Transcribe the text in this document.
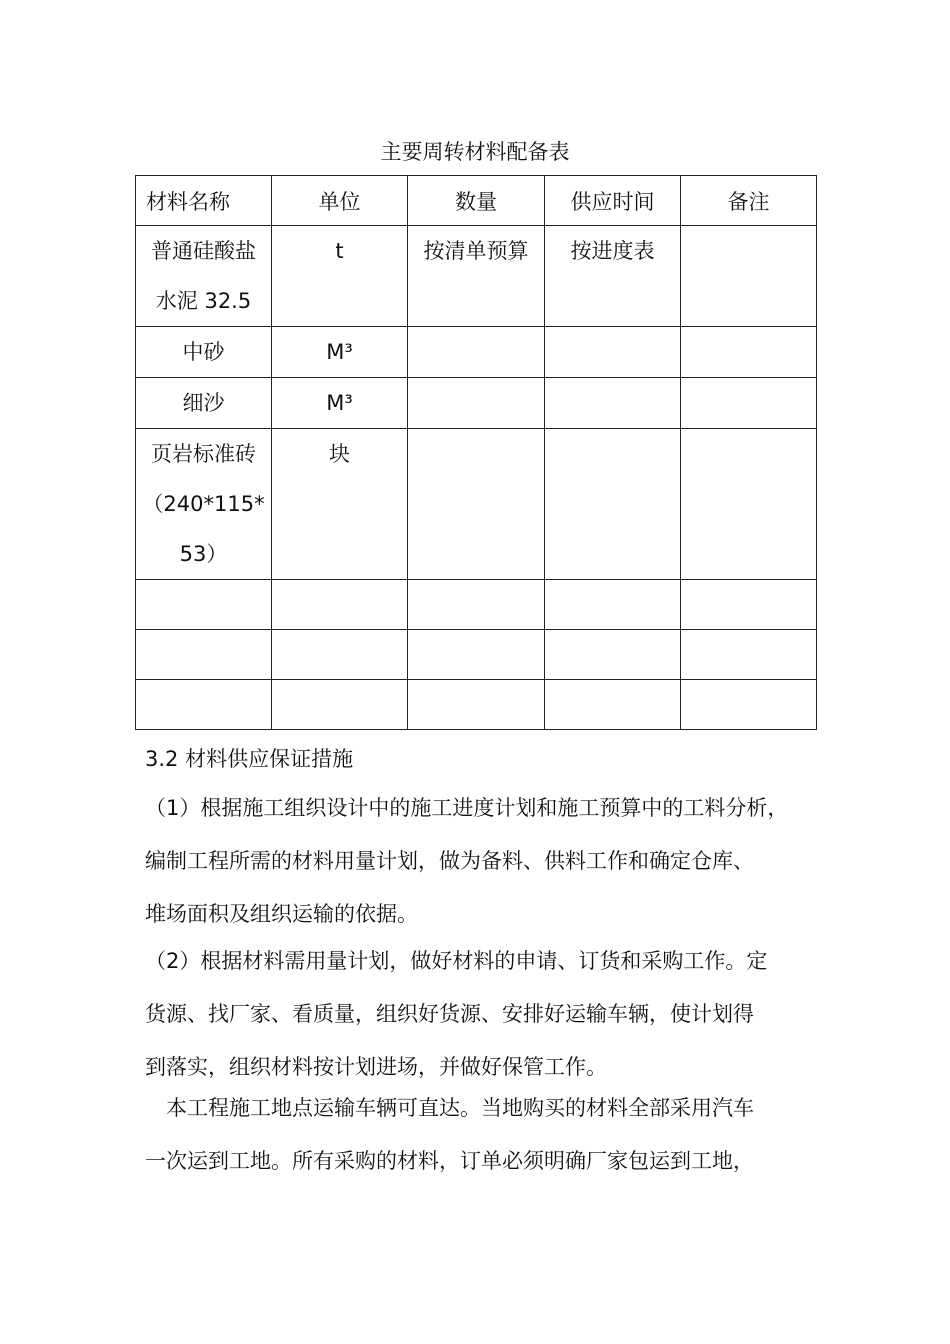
主要周转材料配备表
材料名称	单位	数量	供应时间	备注

普通硅酸盐
水泥 32.5	t	按清单预算	按进度表	

中砂	M³			

细沙	M³			

页岩标准砖
（240*115*
53）	块			

3.2 材料供应保证措施
（1）根据施工组织设计中的施工进度计划和施工预算中的工料分析，
编制工程所需的材料用量计划，做为备料、供料工作和确定仓库、
堆场面积及组织运输的依据。
（2）根据材料需用量计划，做好材料的申请、订货和采购工作。定
货源、找厂家、看质量，组织好货源、安排好运输车辆，使计划得
到落实，组织材料按计划进场，并做好保管工作。
本工程施工地点运输车辆可直达。当地购买的材料全部采用汽车
一次运到工地。所有采购的材料，订单必须明确厂家包运到工地，
